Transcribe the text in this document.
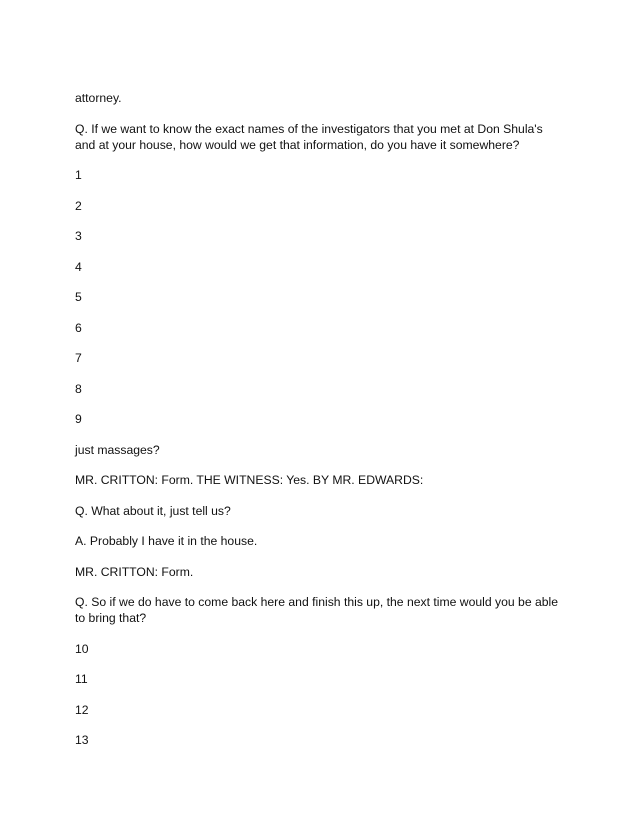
attorney.

Q. If we want to know the exact names of the investigators that you met at Don Shula's and at your house, how would we get that information, do you have it somewhere?

1

2

3

4

5

6

7

8

9

just massages?

MR. CRITTON: Form. THE WITNESS: Yes. BY MR. EDWARDS:

Q. What about it, just tell us?

A. Probably I have it in the house.

MR. CRITTON: Form.

Q. So if we do have to come back here and finish this up, the next time would you be able to bring that?

10

11

12

13
